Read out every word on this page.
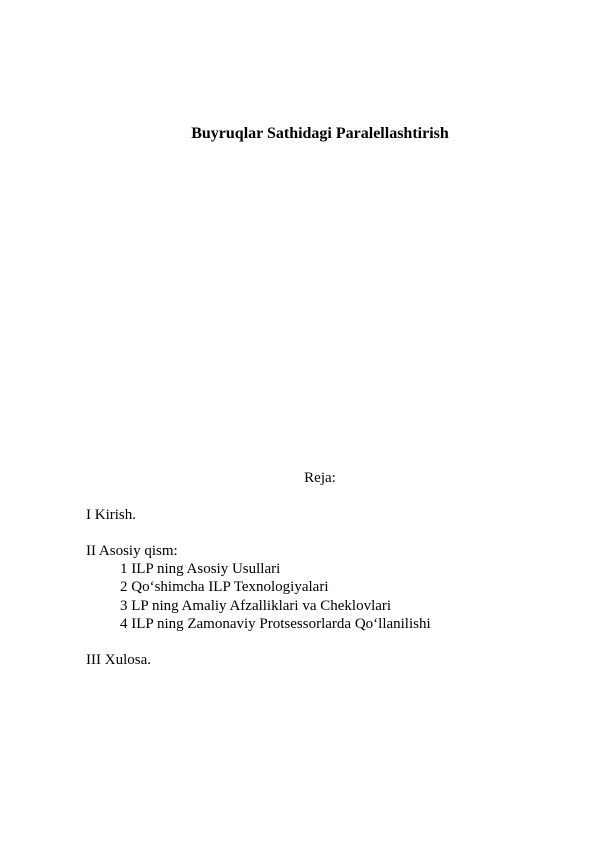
Buyruqlar Sathidagi Paralellashtirish
Reja:
I Kirish.
II Asosiy qism:
1 ILP ning Asosiy Usullari
2 Qo‘shimcha ILP Texnologiyalari
3 LP ning Amaliy Afzalliklari va Cheklovlari
4 ILP ning Zamonaviy Protsessorlarda Qo‘llanilishi
III Xulosa.
